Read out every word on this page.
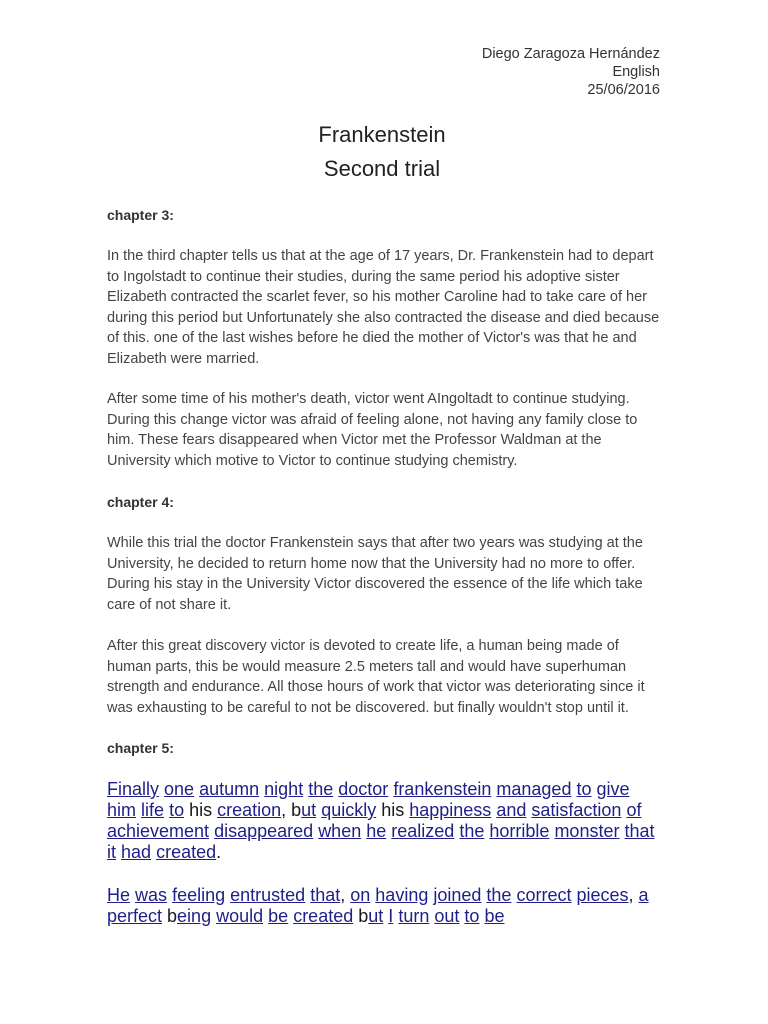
Diego Zaragoza Hernández
English
25/06/2016
Frankenstein
Second trial
chapter 3:
In the third chapter tells us that at the age of 17 years, Dr. Frankenstein had to depart to Ingolstadt to continue their studies, during the same period his adoptive sister Elizabeth contracted the scarlet fever, so his mother Caroline had to take care of her during this period but Unfortunately she also contracted the disease and died because of this. one of the last wishes before he died the mother of Victor's was that he and Elizabeth were married.
After some time of his mother's death, victor went AIngoltadt to continue studying. During this change victor was afraid of feeling alone, not having any family close to him. These fears disappeared when Victor met the Professor Waldman at the University which motive to Victor to continue studying chemistry.
chapter 4:
While this trial the doctor Frankenstein says that after two years was studying at the University, he decided to return home now that the University had no more to offer. During his stay in the University Victor discovered the essence of the life which take care of not share it.
After this great discovery victor is devoted to create life, a human being made of human parts, this be would measure 2.5 meters tall and would have superhuman strength and endurance. All those hours of work that victor was deteriorating since it was exhausting to be careful to not be discovered. but finally wouldn't stop until it.
chapter 5:
Finally one autumn night the doctor frankenstein managed to give him life to his creation, but quickly his happiness and satisfaction of achievement disappeared when he realized the horrible monster that it had created.
He was feeling entrusted that, on having joined the correct pieces, a perfect being would be created but I turn out to be
